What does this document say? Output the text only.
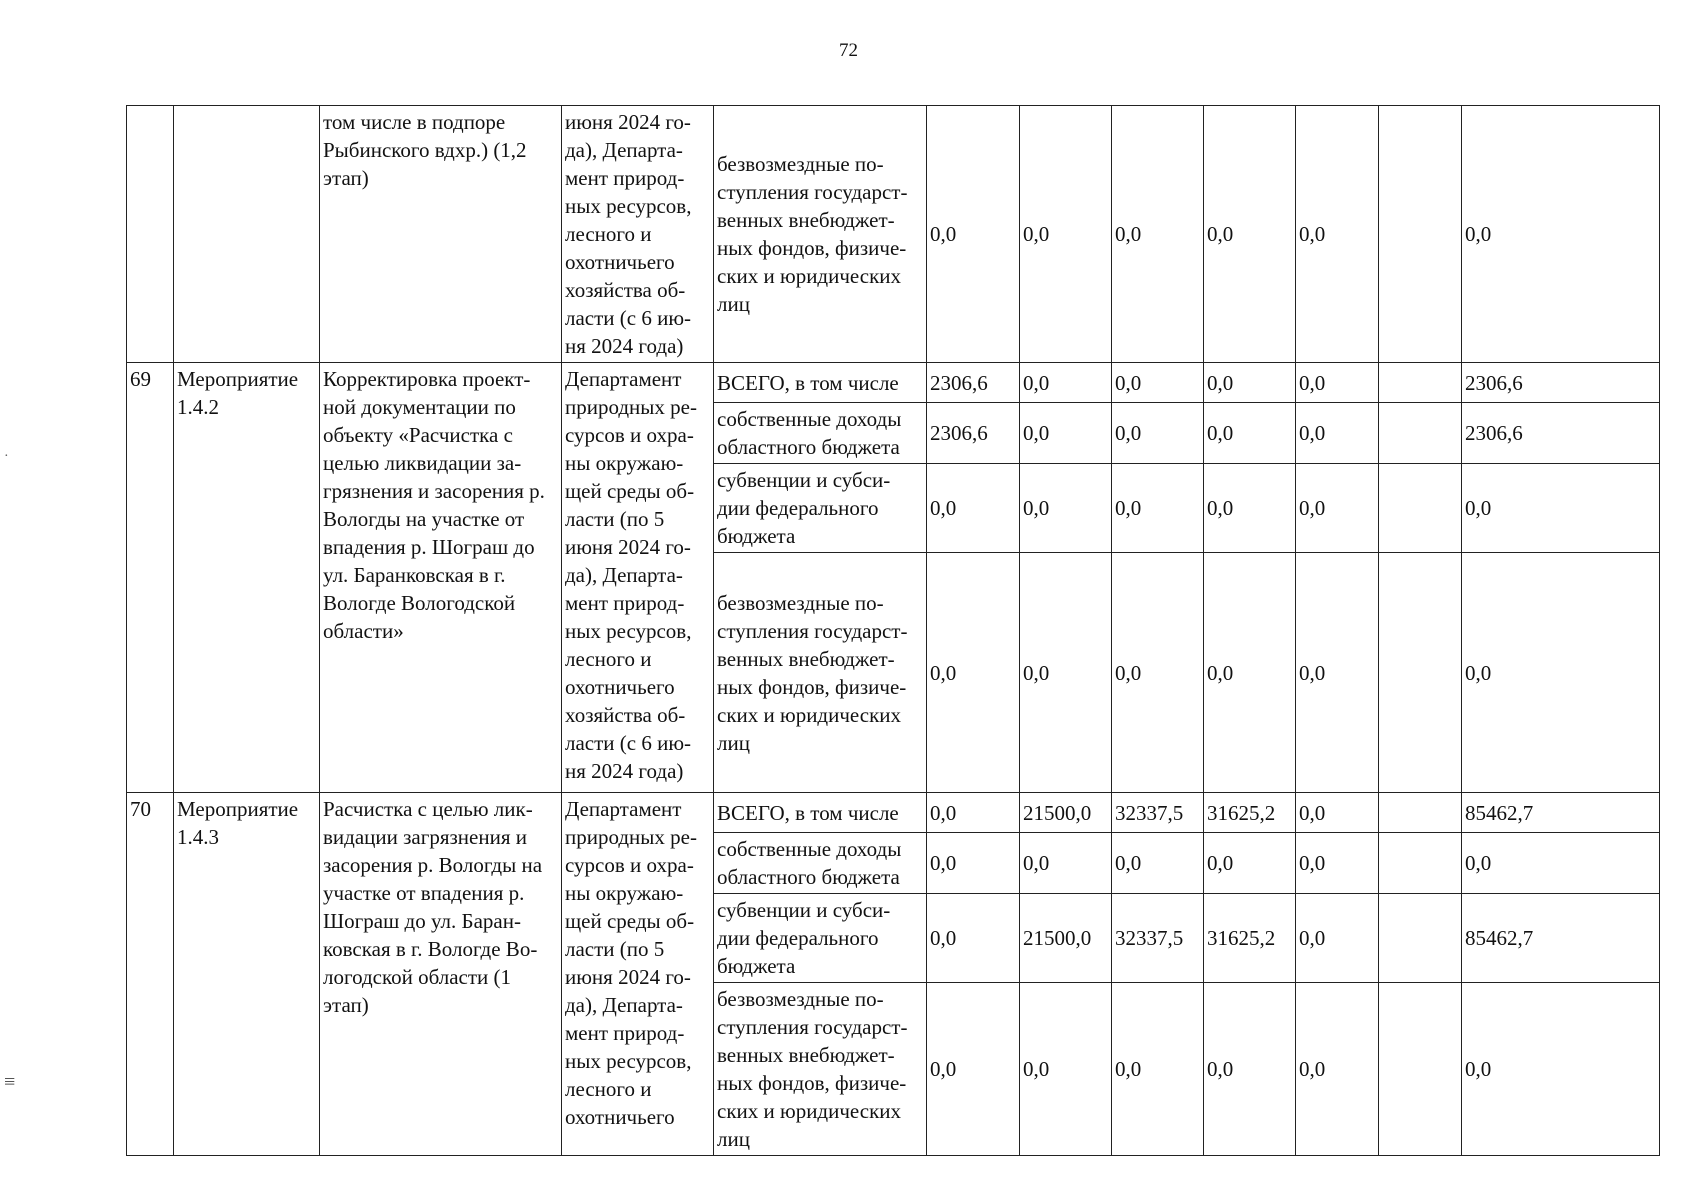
72
·
≡
		том числе в подпоре Рыбинского вдхр.) (1,2 этап)	июня 2024 го-да), Департа-мент природ-ных ресурсов, лесного и охотничьего хозяйства об-ласти (с 6 ию-ня 2024 года)	безвозмездные по-ступления государст-венных внебюджет-ных фондов, физиче-ских и юридических лиц	0,0	0,0	0,0	0,0	0,0		0,0
69	Мероприятие 1.4.2	Корректировка проект-ной документации по объекту «Расчистка с целью ликвидации за-грязнения и засорения р. Вологды на участке от впадения р. Шограш до ул. Баранковская в г. Вологде Вологодской области»	Департамент природных ре-сурсов и охра-ны окружаю-щей среды об-ласти (по 5 июня 2024 го-да), Департа-мент природ-ных ресурсов, лесного и охотничьего хозяйства об-ласти (с 6 ию-ня 2024 года)	ВСЕГО, в том числе	2306,6	0,0	0,0	0,0	0,0		2306,6
				собственные доходы областного бюджета	2306,6	0,0	0,0	0,0	0,0		2306,6
				субвенции и субси-дии федерального бюджета	0,0	0,0	0,0	0,0	0,0		0,0
				безвозмездные по-ступления государст-венных внебюджет-ных фондов, физиче-ских и юридических лиц	0,0	0,0	0,0	0,0	0,0		0,0
70	Мероприятие 1.4.3	Расчистка с целью лик-видации загрязнения и засорения р. Вологды на участке от впадения р. Шограш до ул. Баран-ковская в г. Вологде Во-логодской области (1 этап)	Департамент природных ре-сурсов и охра-ны окружаю-щей среды об-ласти (по 5 июня 2024 го-да), Департа-мент природ-ных ресурсов, лесного и охотничьего	ВСЕГО, в том числе	0,0	21500,0	32337,5	31625,2	0,0		85462,7
				собственные доходы областного бюджета	0,0	0,0	0,0	0,0	0,0		0,0
				субвенции и субси-дии федерального бюджета	0,0	21500,0	32337,5	31625,2	0,0		85462,7
				безвозмездные по-ступления государст-венных внебюджет-ных фондов, физиче-ских и юридических лиц	0,0	0,0	0,0	0,0	0,0		0,0
